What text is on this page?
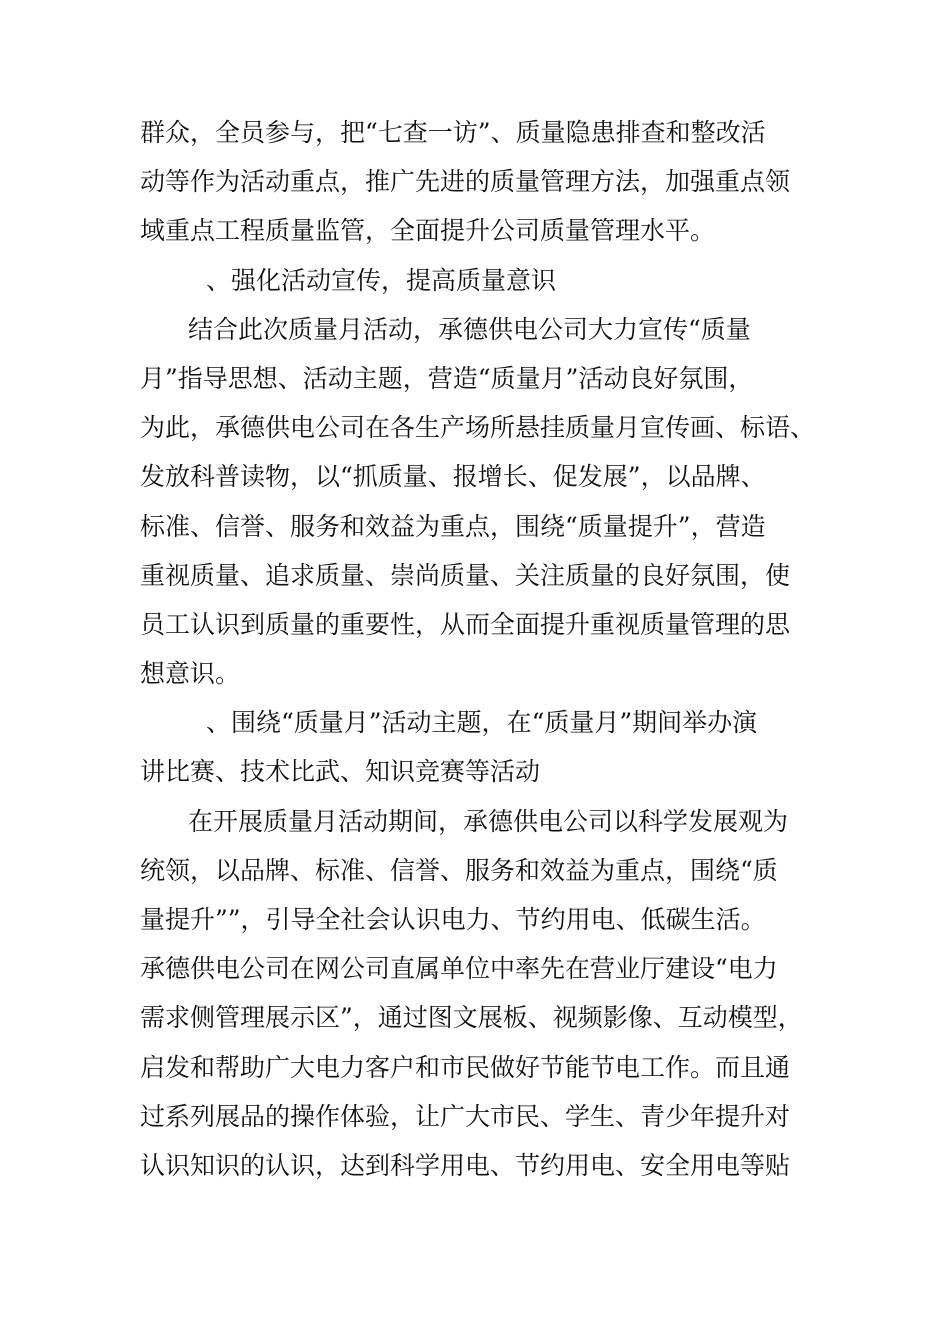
群众，全员参与，把“七查一访”、质量隐患排查和整改活
动等作为活动重点，推广先进的质量管理方法，加强重点领
域重点工程质量监管，全面提升公司质量管理水平。
、强化活动宣传，提高质量意识
结合此次质量月活动，承德供电公司大力宣传“质量
月”指导思想、活动主题，营造“质量月”活动良好氛围，
为此，承德供电公司在各生产场所悬挂质量月宣传画、标语、
发放科普读物，以“抓质量、报增长、促发展”，以品牌、
标准、信誉、服务和效益为重点，围绕“质量提升”，营造
重视质量、追求质量、崇尚质量、关注质量的良好氛围，使
员工认识到质量的重要性，从而全面提升重视质量管理的思
想意识。
、围绕“质量月”活动主题，在“质量月”期间举办演
讲比赛、技术比武、知识竞赛等活动
在开展质量月活动期间，承德供电公司以科学发展观为
统领，以品牌、标准、信誉、服务和效益为重点，围绕“质
量提升””，引导全社会认识电力、节约用电、低碳生活。
承德供电公司在网公司直属单位中率先在营业厅建设“电力
需求侧管理展示区”，通过图文展板、视频影像、互动模型，
启发和帮助广大电力客户和市民做好节能节电工作。而且通
过系列展品的操作体验，让广大市民、学生、青少年提升对
认识知识的认识，达到科学用电、节约用电、安全用电等贴
